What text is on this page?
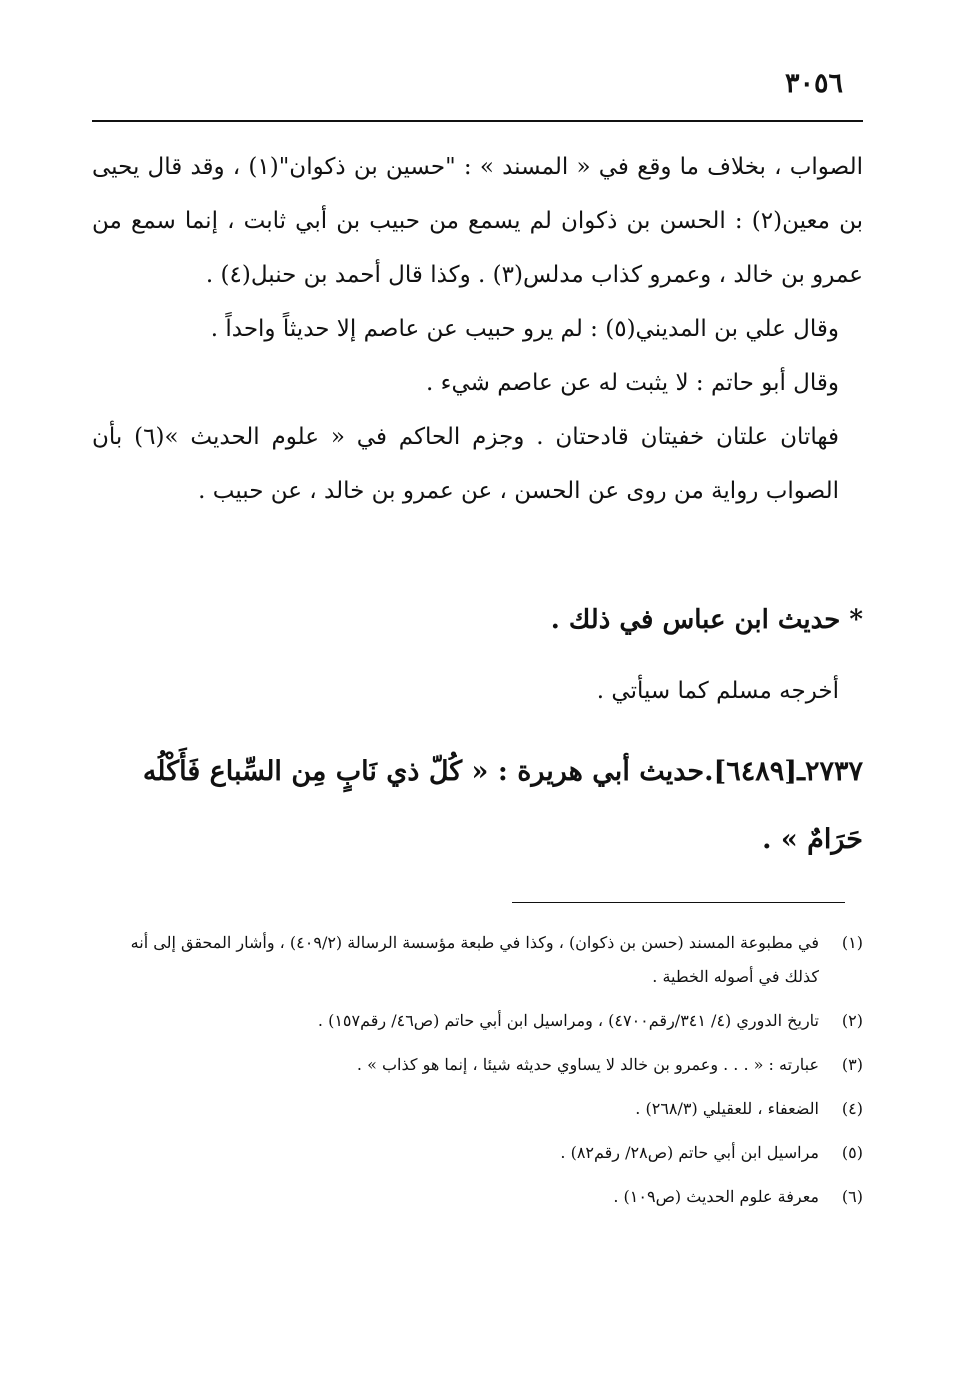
٣٠٥٦

الصواب ، بخلاف ما وقع في « المسند » : "حسين بن ذكوان"(١) ، وقد قال يحيى بن معين(٢) : الحسن بن ذكوان لم يسمع من حبيب بن أبي ثابت ، إنما سمع من عمرو بن خالد ، وعمرو كذاب مدلس(٣) . وكذا قال أحمد بن حنبل(٤) .

وقال علي بن المديني(٥) : لم يرو حبيب عن عاصم إلا حديثاً واحداً .

وقال أبو حاتم : لا يثبت له عن عاصم شيء .

فهاتان علتان خفيتان قادحتان . وجزم الحاكم في « علوم الحديث »(٦) بأن الصواب رواية من روى عن الحسن ، عن عمرو بن خالد ، عن حبيب .

* حديث ابن عباس في ذلك .

أخرجه مسلم كما سيأتي .

٢٧٣٧ـ[٦٤٨٩].حديث أبي هريرة : « كُلّ ذي نَابٍ مِن السِّباع فَأَكْلُه حَرَامٌ » .
(١)
في مطبوعة المسند (حسن بن ذكوان) ، وكذا في طبعة مؤسسة الرسالة (٤٠٩/٢) ، وأشار المحقق إلى أنه كذلك في أصوله الخطية .
(٢)
تاريخ الدوري (٤/ ٣٤١/رقم٤٧٠٠) ، ومراسيل ابن أبي حاتم (ص٤٦/ رقم١٥٧) .
(٣)
عبارته : « . . . وعمرو بن خالد لا يساوي حديثه شيئا ، إنما هو كذاب » .
(٤)
الضعفاء ، للعقيلي (٢٦٨/٣) .
(٥)
مراسيل ابن أبي حاتم (ص٢٨/ رقم٨٢) .
(٦)
معرفة علوم الحديث (ص١٠٩) .
